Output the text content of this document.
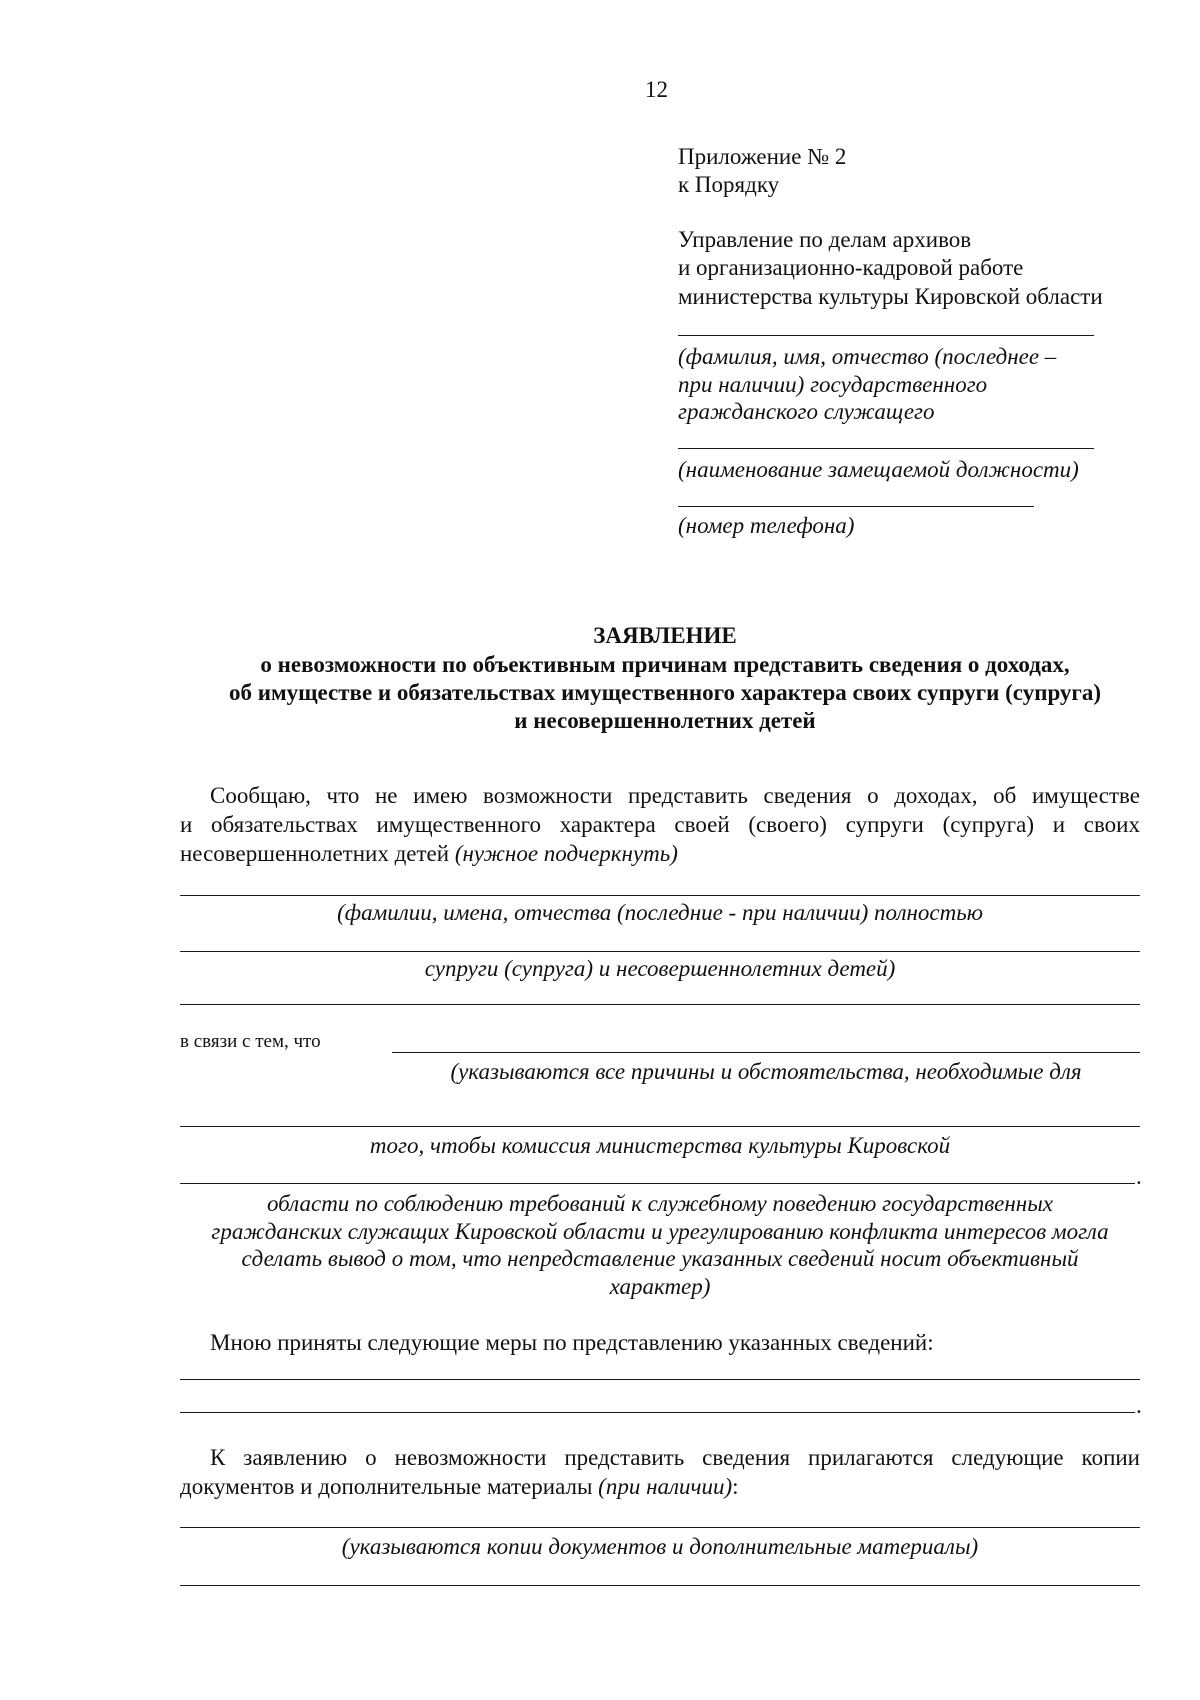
12
Приложение № 2
к Порядку
Управление по делам архивов
и организационно-кадровой работе
министерства культуры Кировской области
(фамилия, имя, отчество (последнее –
при наличии) государственного
гражданского служащего
(наименование замещаемой должности)
(номер телефона)
ЗАЯВЛЕНИЕ
о невозможности по объективным причинам представить сведения о доходах,
об имуществе и обязательствах имущественного характера своих супруги (супруга)
и несовершеннолетних детей
Сообщаю, что не имею возможности представить сведения о доходах, об имуществе
и обязательствах имущественного характера своей (своего) супруги (супруга) и своих
несовершеннолетних детей (нужное подчеркнуть)
(фамилии, имена, отчества (последние - при наличии) полностью
супруги (супруга) и несовершеннолетних детей)
в связи с тем, что
(указываются все причины и обстоятельства, необходимые для
того, чтобы комиссия министерства культуры Кировской
.
области по соблюдению требований к служебному поведению государственных
гражданских служащих Кировской области и урегулированию конфликта интересов могла
сделать вывод о том, что непредставление указанных сведений носит объективный
характер)
Мною приняты следующие меры по представлению указанных сведений:
.
К заявлению о невозможности представить сведения прилагаются следующие копии
документов и дополнительные материалы (при наличии):
(указываются копии документов и дополнительные материалы)
